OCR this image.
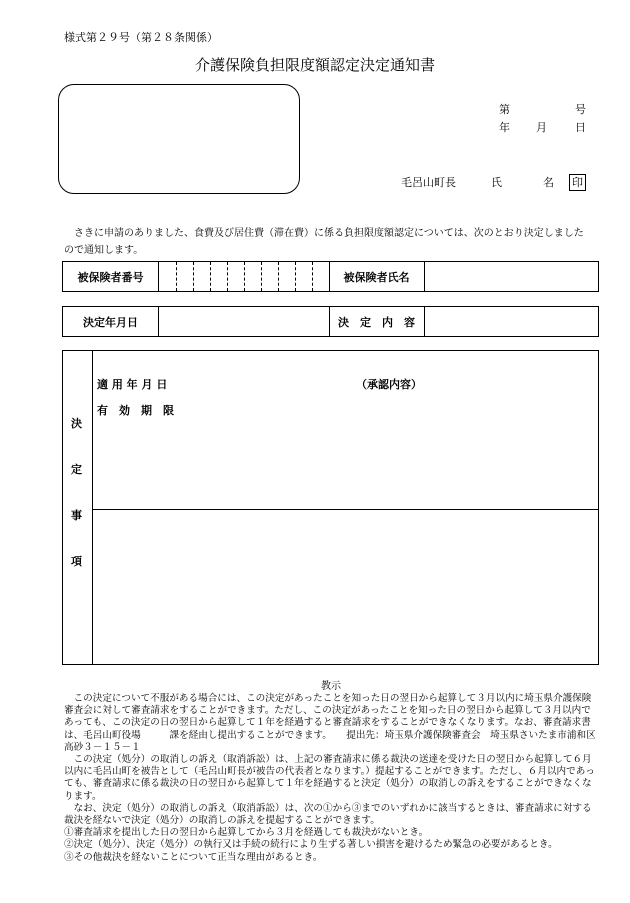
様式第２９号（第２８条関係）
介護保険負担限度額認定決定通知書
第	号
年 月	日
毛呂山町長	氏	名 印
さきに申請のありました、食費及び居住費（滞在費）に係る負担限度額認定については、次のとおり決定しましたので通知します。
被保険者番号	被保険者氏名
決定年月日	決　定　内　容
決
定
事
項
適 用 年 月 日
有　効　期　限
（承認内容）
教示

　この決定について不服がある場合には、この決定があったことを知った日の翌日から起算して３月以内に埼玉県介護保険審査会に対して審査請求をすることができます。ただし、この決定があったことを知った日の翌日から起算して３月以内であっても、この決定の日の翌日から起算して１年を経過すると審査請求をすることができなくなります。なお、審査請求書は、毛呂山町役場　　　課を経由し提出することができます。　　提出先：埼玉県介護保険審査会　埼玉県さいたま市浦和区高砂３－１５－１

　この決定（処分）の取消しの訴え（取消訴訟）は、上記の審査請求に係る裁決の送達を受けた日の翌日から起算して６月以内に毛呂山町を被告として（毛呂山町長が被告の代表者となります。）提起することができます。ただし、６月以内であっても、審査請求に係る裁決の日の翌日から起算して１年を経過すると決定（処分）の取消しの訴えをすることができなくなります。

　なお、決定（処分）の取消しの訴え（取消訴訟）は、次の①から③までのいずれかに該当するときは、審査請求に対する裁決を経ないで決定（処分）の取消しの訴えを提起することができます。

①審査請求を提出した日の翌日から起算してから３月を経過しても裁決がないとき。

②決定（処分）、決定（処分）の執行又は手続の続行により生ずる著しい損害を避けるため緊急の必要があるとき。

③その他裁決を経ないことについて正当な理由があるとき。
